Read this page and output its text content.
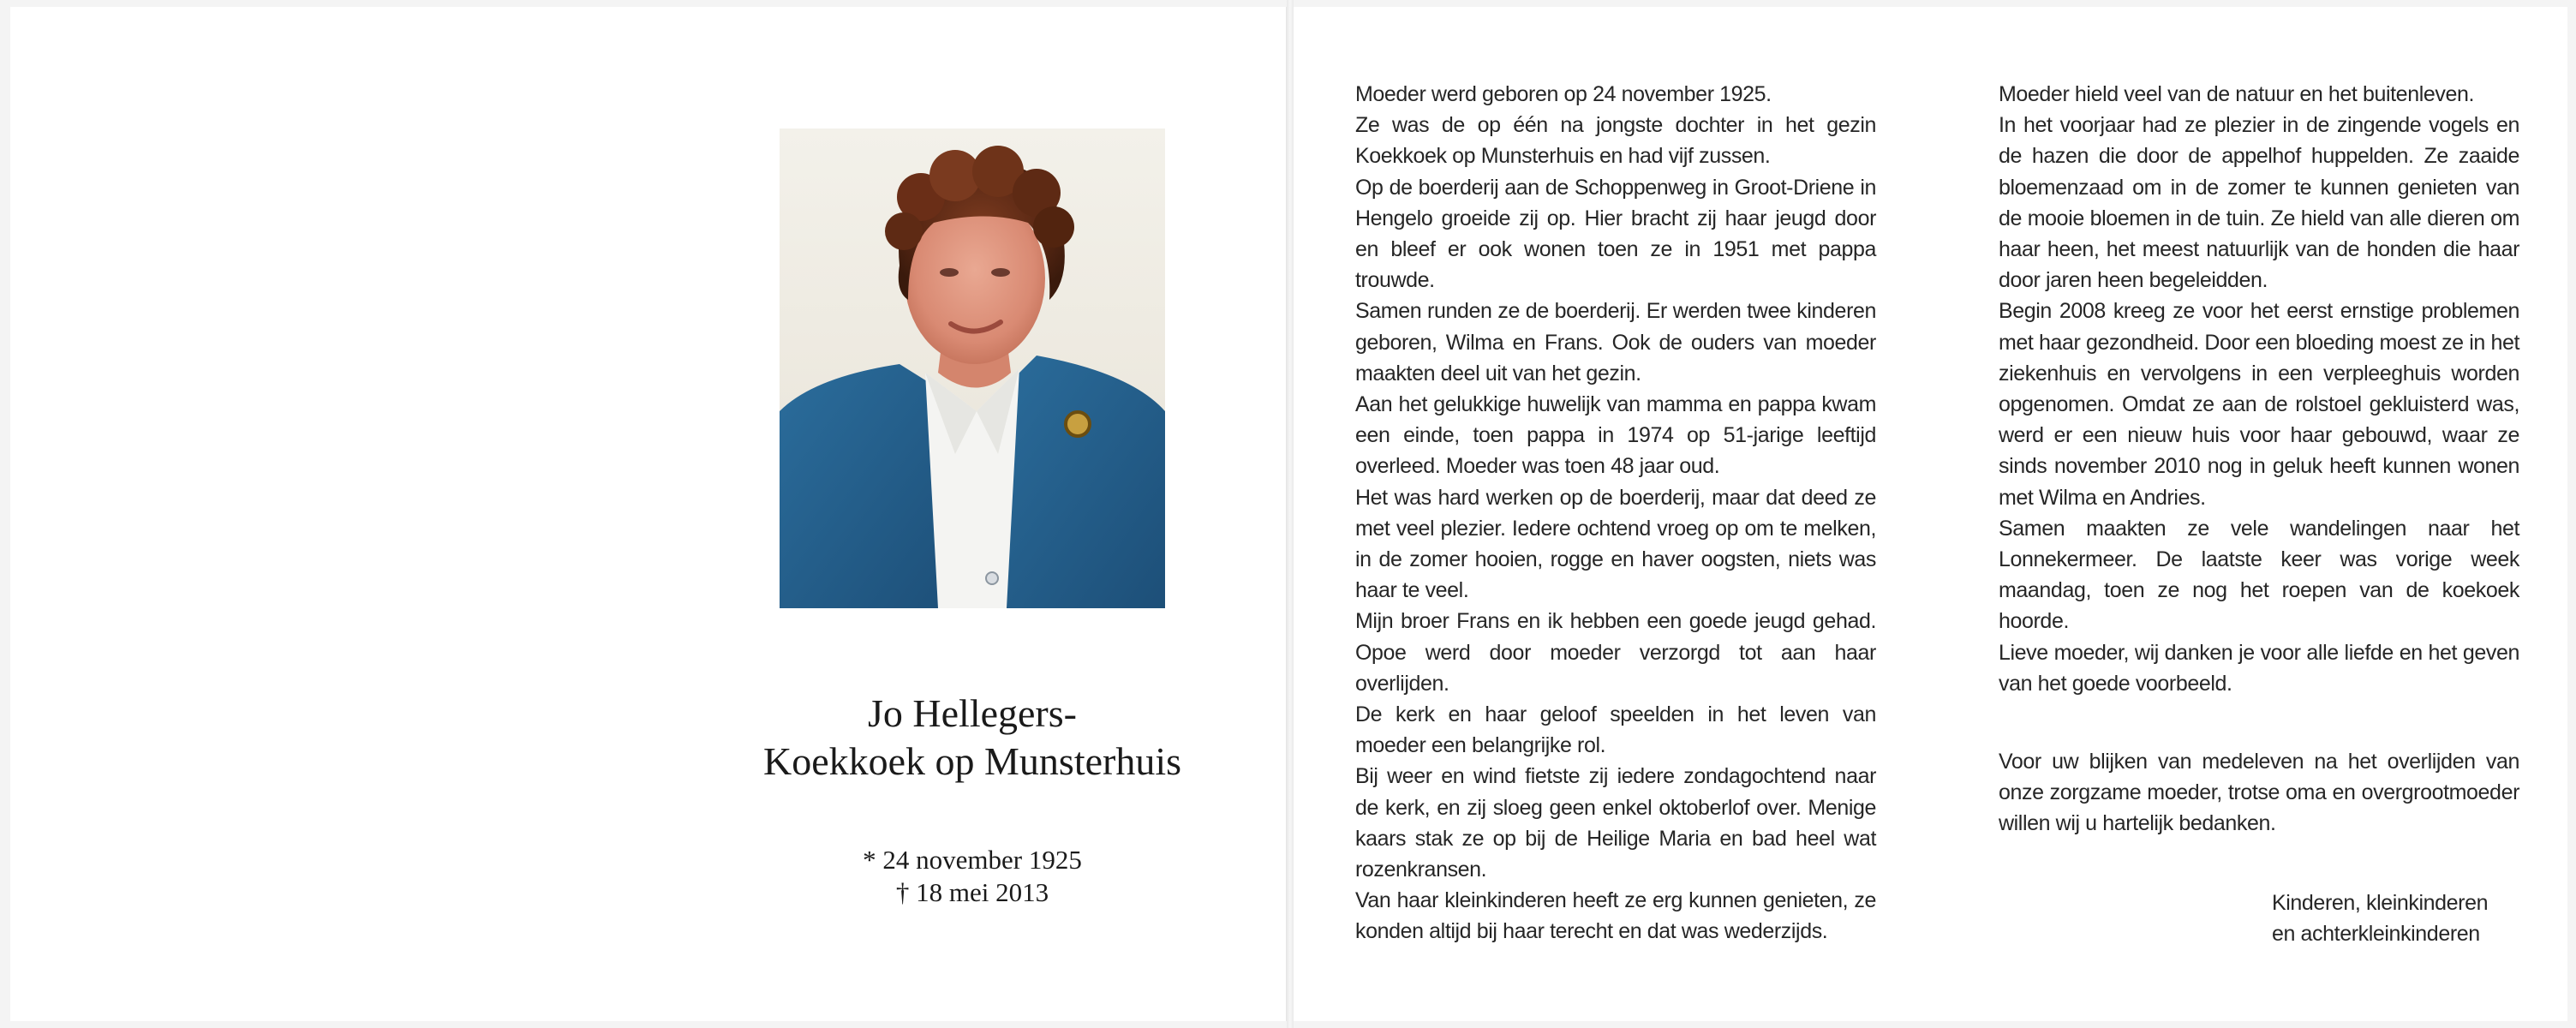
Jo Hellegers-
Koekkoek op Munsterhuis
* 24 november 1925
† 18 mei 2013

Moeder werd geboren op 24 november 1925.

Ze was de op één na jongste dochter in het gezin Koekkoek op Munsterhuis en had vijf zussen.

Op de boerderij aan de Schoppenweg in Groot-Driene in Hengelo groeide zij op. Hier bracht zij haar jeugd door en bleef er ook wonen toen ze in 1951 met pappa trouwde.

Samen runden ze de boerderij. Er werden twee kinderen geboren, Wilma en Frans. Ook de ouders van moeder maakten deel uit van het gezin.

Aan het gelukkige huwelijk van mamma en pappa kwam een einde, toen pappa in 1974 op 51-jarige leeftijd overleed. Moeder was toen 48 jaar oud.

Het was hard werken op de boerderij, maar dat deed ze met veel plezier. Iedere ochtend vroeg op om te melken, in de zomer hooien, rogge en haver oogsten, niets was haar te veel.

Mijn broer Frans en ik hebben een goede jeugd gehad. Opoe werd door moeder verzorgd tot aan haar overlijden.

De kerk en haar geloof speelden in het leven van moeder een belangrijke rol.

Bij weer en wind fietste zij iedere zondagochtend naar de kerk, en zij sloeg geen enkel oktoberlof over. Menige kaars stak ze op bij de Heilige Maria en bad heel wat rozenkransen.

Van haar kleinkinderen heeft ze erg kunnen genieten, ze konden altijd bij haar terecht en dat was wederzijds.

Moeder hield veel van de natuur en het buitenleven.

In het voorjaar had ze plezier in de zingende vogels en de hazen die door de appelhof huppelden. Ze zaaide bloemenzaad om in de zomer te kunnen genieten van de mooie bloemen in de tuin. Ze hield van alle dieren om haar heen, het meest natuurlijk van de honden die haar door jaren heen begeleidden.

Begin 2008 kreeg ze voor het eerst ernstige problemen met haar gezondheid. Door een bloeding moest ze in het ziekenhuis en vervolgens in een verpleeghuis worden opgenomen. Omdat ze aan de rolstoel gekluisterd was, werd er een nieuw huis voor haar gebouwd, waar ze sinds november 2010 nog in geluk heeft kunnen wonen met Wilma en Andries.

Samen maakten ze vele wandelingen naar het Lonnekermeer. De laatste keer was vorige week maandag, toen ze nog het roepen van de koekoek hoorde.

Lieve moeder, wij danken je voor alle liefde en het geven van het goede voorbeeld.

Voor uw blijken van medeleven na het overlijden van onze zorgzame moeder, trotse oma en overgrootmoeder willen wij u hartelijk bedanken.

Kinderen, kleinkinderen
en achterkleinkinderen
